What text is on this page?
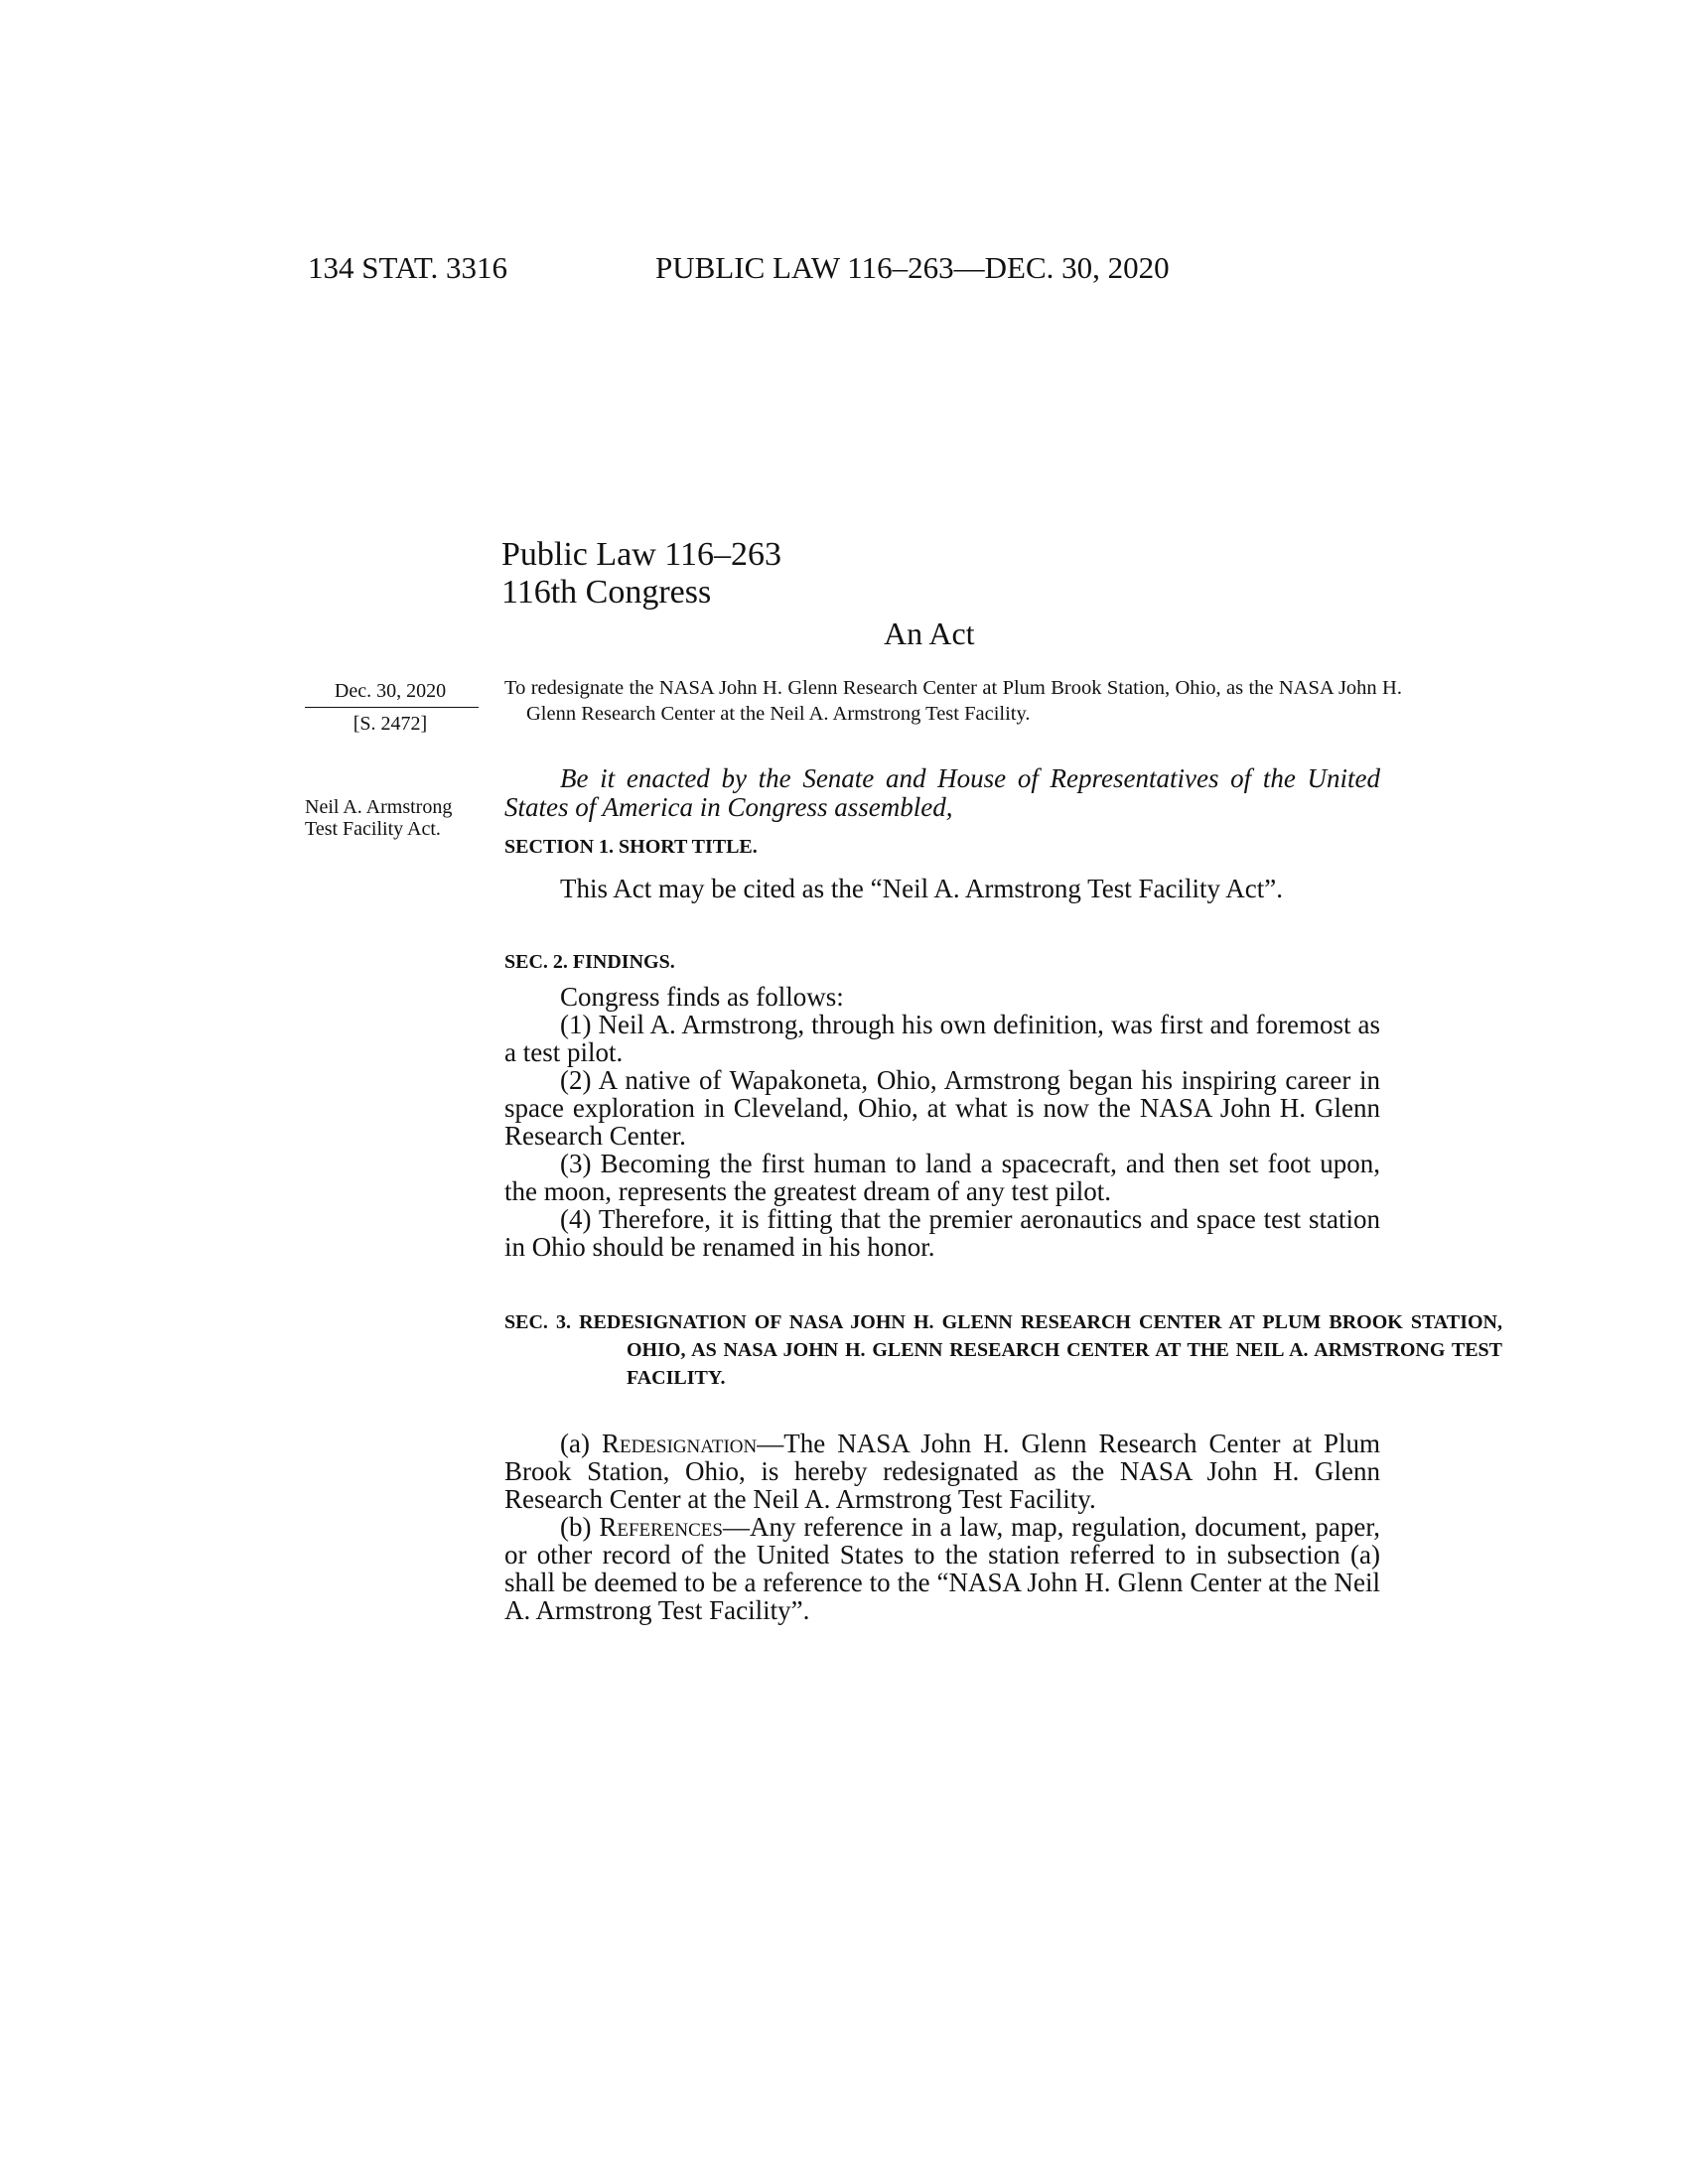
134 STAT. 3316	PUBLIC LAW 116–263—DEC. 30, 2020
Public Law 116–263
116th Congress
An Act
Dec. 30, 2020
[S. 2472]
Neil A. Armstrong Test Facility Act.
To redesignate the NASA John H. Glenn Research Center at Plum Brook Station, Ohio, as the NASA John H. Glenn Research Center at the Neil A. Armstrong Test Facility.
Be it enacted by the Senate and House of Representatives of the United States of America in Congress assembled,
SECTION 1. SHORT TITLE.

This Act may be cited as the “Neil A. Armstrong Test Facility Act”.

SEC. 2. FINDINGS.

Congress finds as follows:

(1) Neil A. Armstrong, through his own definition, was first and foremost as a test pilot.

(2) A native of Wapakoneta, Ohio, Armstrong began his inspiring career in space exploration in Cleveland, Ohio, at what is now the NASA John H. Glenn Research Center.

(3) Becoming the first human to land a spacecraft, and then set foot upon, the moon, represents the greatest dream of any test pilot.

(4) Therefore, it is fitting that the premier aeronautics and space test station in Ohio should be renamed in his honor.

SEC. 3. REDESIGNATION OF NASA JOHN H. GLENN RESEARCH CENTER AT PLUM BROOK STATION, OHIO, AS NASA JOHN H. GLENN RESEARCH CENTER AT THE NEIL A. ARMSTRONG TEST FACILITY.

(a) Redesignation—The NASA John H. Glenn Research Center at Plum Brook Station, Ohio, is hereby redesignated as the NASA John H. Glenn Research Center at the Neil A. Armstrong Test Facility.

(b) References—Any reference in a law, map, regulation, document, paper, or other record of the United States to the station referred to in subsection (a) shall be deemed to be a reference to the “NASA John H. Glenn Center at the Neil A. Armstrong Test Facility”.
